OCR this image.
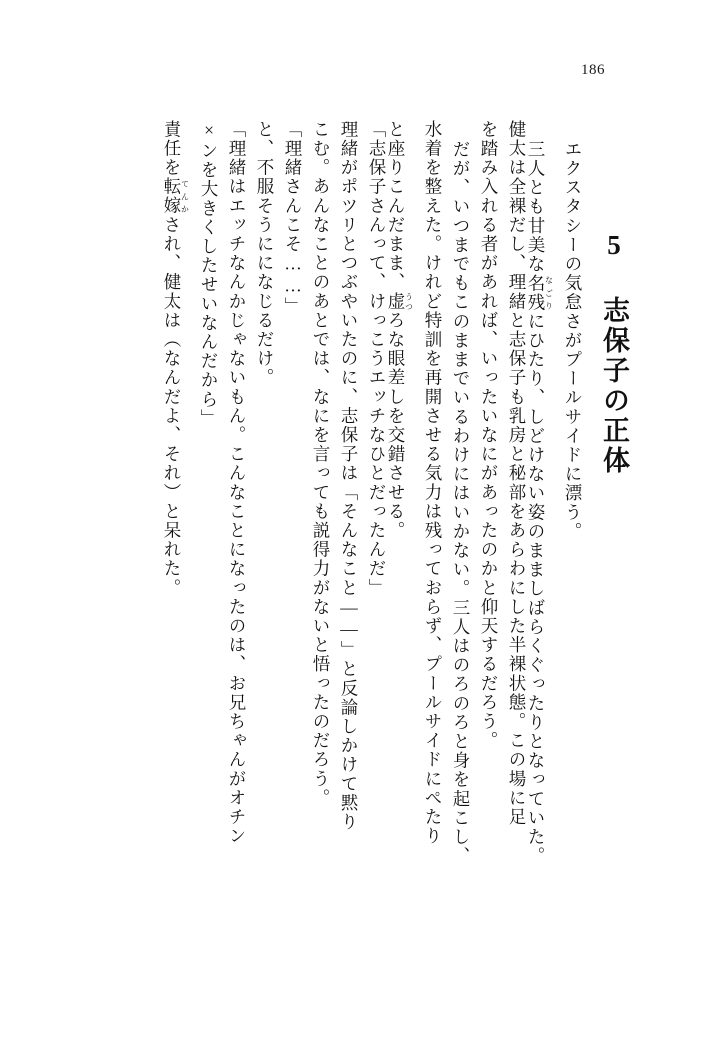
186
5 志保子の正体
エクスタシーの気怠さがプールサイドに漂う。
三人とも甘美な名残なごりにひたり、しどけない姿のまましばらくぐったりとなっていた。
健太は全裸だし、理緒と志保子も乳房と秘部をあらわにした半裸状態。この場に足
を踏み入れる者があれば、いったいなにがあったのかと仰天するだろう。
だが、いつまでもこのままでいるわけにはいかない。三人はのろのろと身を起こし、
水着を整えた。けれど特訓を再開させる気力は残っておらず、プールサイドにぺたり
と座りこんだまま、虚うつろな眼差しを交錯させる。
「志保子さんって、けっこうエッチなひとだったんだ」
理緒がポツリとつぶやいたのに、志保子は「そんなこと――」と反論しかけて黙り
こむ。あんなことのあとでは、なにを言っても説得力がないと悟ったのだろう。
「理緒さんこそ……」
と、不服そうにになじるだけ。
「理緒はエッチなんかじゃないもん。こんなことになったのは、お兄ちゃんがオチン
×ンを大きくしたせいなんだから」
責任を転嫁てんかされ、健太は（なんだよ、それ）と呆れた。
